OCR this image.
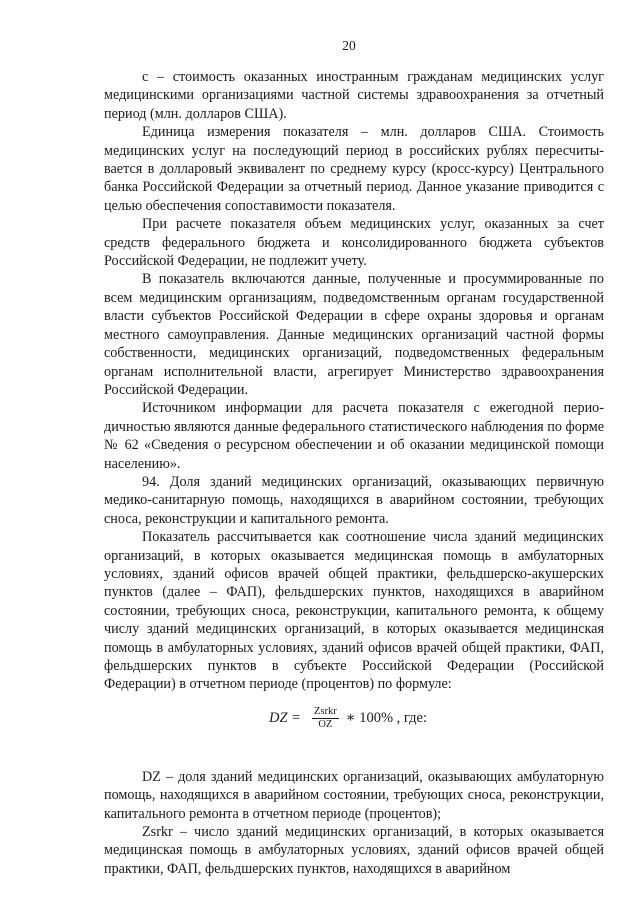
20

c – стоимость оказанных иностранным гражданам медицинских услуг медицинскими организациями частной системы здравоохранения за отчетный период (млн. долларов США).

Единица измерения показателя – млн. долларов США. Стоимость медицинских услуг на последующий период в российских рублях пересчитывается в долларовый эквивалент по среднему курсу (кросс-курсу) Центрального банка Российской Федерации за отчетный период. Данное указание приводится с целью обеспечения сопоставимости показателя.

При расчете показателя объем медицинских услуг, оказанных за счет средств федерального бюджета и консолидированного бюджета субъектов Российской Федерации, не подлежит учету.

В показатель включаются данные, полученные и просуммированные по всем медицинским организациям, подведомственным органам государственной власти субъектов Российской Федерации в сфере охраны здоровья и органам местного самоуправления. Данные медицинских организаций частной формы собственности, медицинских организаций, подведомственных федеральным органам исполнительной власти, агрегирует Министерство здравоохранения Российской Федерации.

Источником информации для расчета показателя с ежегодной периодичностью являются данные федерального статистического наблюдения по форме № 62 «Сведения о ресурсном обеспечении и об оказании медицинской помощи населению».

94. Доля зданий медицинских организаций, оказывающих первичную медико-санитарную помощь, находящихся в аварийном состоянии, требующих сноса, реконструкции и капитального ремонта.

Показатель рассчитывается как соотношение числа зданий медицинских организаций, в которых оказывается медицинская помощь в амбулаторных условиях, зданий офисов врачей общей практики, фельдшерско-акушерских пунктов (далее – ФАП), фельдшерских пунктов, находящихся в аварийном состоянии, требующих сноса, реконструкции, капитального ремонта, к общему числу зданий медицинских организаций, в которых оказывается медицинская помощь в амбулаторных условиях, зданий офисов врачей общей практики, ФАП, фельдшерских пунктов в субъекте Российской Федерации (Российской Федерации) в отчетном периоде (процентов) по формуле:

DZ = $\frac{\text{Zsrkr}}{OZ}$ ∗ 100% , где:

DZ – доля зданий медицинских организаций, оказывающих амбулаторную помощь, находящихся в аварийном состоянии, требующих сноса, реконструкции, капитального ремонта в отчетном периоде (процентов);

Zsrkr – число зданий медицинских организаций, в которых оказывается медицинская помощь в амбулаторных условиях, зданий офисов врачей общей практики, ФАП, фельдшерских пунктов, находящихся в аварийном
